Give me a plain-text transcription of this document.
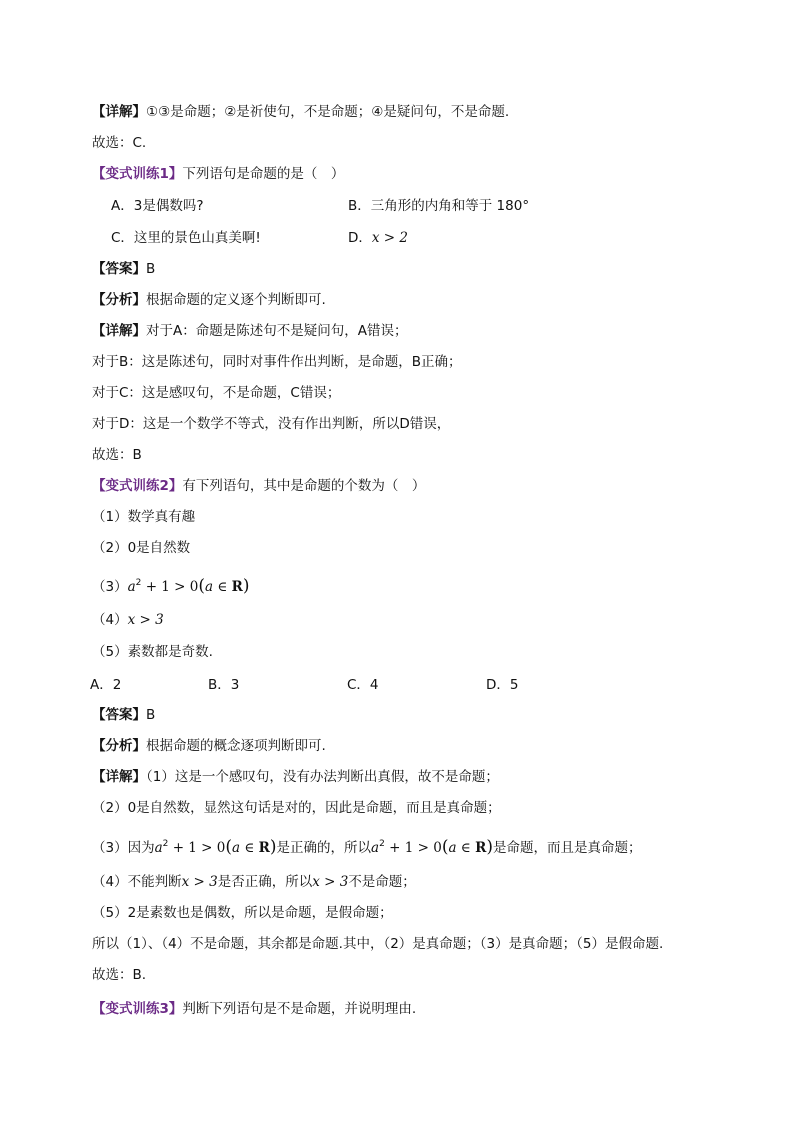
【详解】①③是命题；②是祈使句，不是命题；④是疑问句，不是命题.
故选：C.
【变式训练1】下列语句是命题的是（　）
A．3是偶数吗?	B．三角形的内角和等于 180°
C．这里的景色山真美啊!	D．x > 2
【答案】B
【分析】根据命题的定义逐个判断即可.
【详解】对于A：命题是陈述句不是疑问句，A错误；
对于B：这是陈述句，同时对事件作出判断，是命题，B正确；
对于C：这是感叹句，不是命题，C错误；
对于D：这是一个数学不等式，没有作出判断，所以D错误，
故选：B
【变式训练2】有下列语句，其中是命题的个数为（　）
（1）数学真有趣
（2）0是自然数
$(3)a^2 + 1 > 0(a$ ∈ R)
（4）x > 3
（5）素数都是奇数.
A．2	B．3	C．4	D．5
【答案】B
【分析】根据命题的概念逐项判断即可.
【详解】（1）这是一个感叹句，没有办法判断出真假，故不是命题；
（2）0是自然数，显然这句话是对的，因此是命题，而且是真命题；
（3）因为$a^2 + 1 > 0(a$ ∈ R)是正确的，所以$a^2 + 1 > 0(a$ ∈ R)是命题，而且是真命题；
（4）不能判断x > 3是否正确，所以x > 3不是命题；
（5）2是素数也是偶数，所以是命题，是假命题；
所以（1）、（4）不是命题，其余都是命题.其中，（2）是真命题；（3）是真命题；（5）是假命题.
故选：B.
【变式训练3】判断下列语句是不是命题，并说明理由.
